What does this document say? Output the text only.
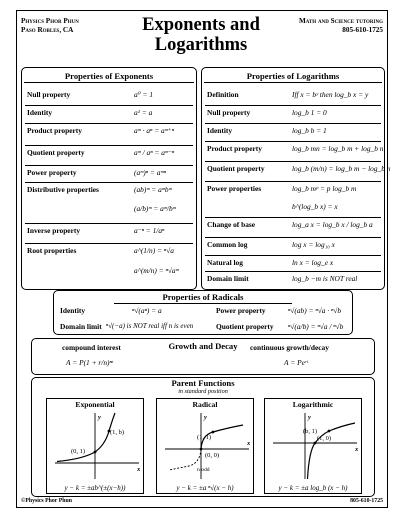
Physics Phor Phun
Paso Robles, CA	Exponents and
Logarithms
Math and Science tutoring
805-610-1725
Properties of Exponents
Null property	a⁰ = 1
Identity	a¹ = a
Product property	aᵐ · aⁿ = aᵐ⁺ⁿ
Quotient property	aᵐ / aⁿ = aᵐ⁻ⁿ
Power property	(aᵐ)ⁿ = aᵐⁿ
Distributive properties	(ab)ᵐ = aᵐbᵐ
(a/b)ᵐ = aᵐ/bᵐ
Inverse property	a⁻ⁿ = 1/aⁿ
Root properties	a^(1/n) = ⁿ√a
a^(m/n) = ⁿ√aᵐ
Properties of Logarithms
Definition	Iff x = bʸ then log_b x = y
Null property	log_b 1 = 0
Identity	log_b b = 1
Product property	log_b mn = log_b m + log_b n
Quotient property	log_b (m/n) = log_b m − log_b n
Power properties	log_b mᵖ = p log_b m
b^(log_b x) = x
Change of base	log_a x = log_b x / log_b a
Common log	log x = log₁₀ x
Natural log	ln x = log_e x
Domain limit	log_b −m is NOT real
Properties of Radicals
Identity	ⁿ√(aⁿ) = a
Domain limit ⁿ√(−a) is NOT real iff n is even
Power property	ⁿ√(ab) = ⁿ√a · ⁿ√b
Quotient property ⁿ√(a/b) = ⁿ√a / ⁿ√b
Growth and Decay
compound interest
A = P(1 + r/n)ⁿᵗ
continuous growth/decay
A = Peʳᵗ
Parent Functions
in standard position
Exponential
(0, 1)
(1, b)
x
y
y − k = ±ab^(±(x−h))
Radical
(1, 1)
(0, 0)
n odd
x
y
y − k = ±a ⁿ√(x − h)
Logarithmic
(b, 1)
(1, 0)
x
y
y − k = ±a log_b (x − h)
©Physics Phor Phun	805-610-1725
